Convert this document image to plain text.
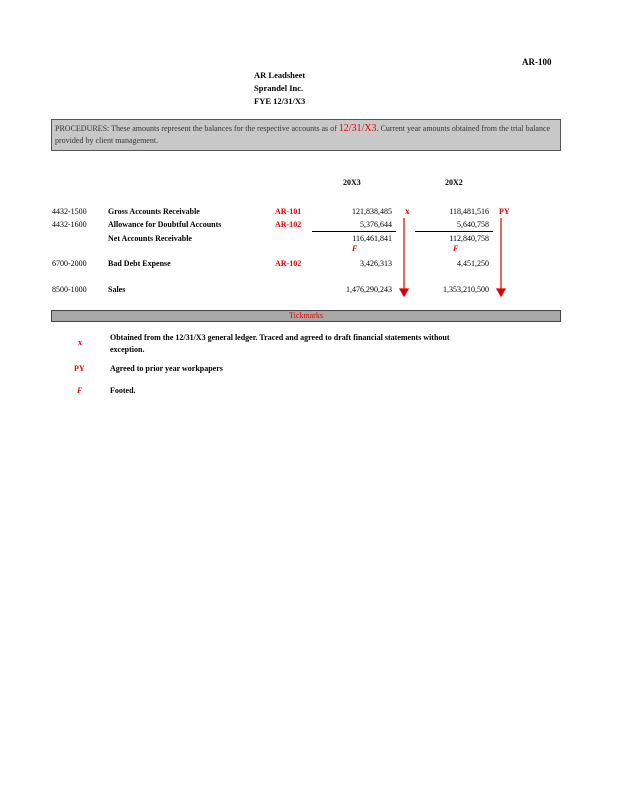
AR-100
AR Leadsheet
Sprandel Inc.
FYE 12/31/X3
PROCEDURES: These amounts represent the balances for the respective accounts as of 12/31/X3. Current year amounts obtained from the trial balance provided by client management.
20X3	20X2
4432-1500	Gross Accounts Receivable	AR-101	121,838,485 x	118,481,516 PY
4432-1600	Allowance for Doubtful Accounts	AR-102	5,376,644	5,640,758
Net Accounts Receivable	116,461,841	112,840,758
F	F
6700-2000	Bad Debt Expense	AR-102	3,426,313	4,451,250
8500-1000	Sales	1,476,290,243	1,353,210,500
Tickmarks
x
Obtained from the 12/31/X3 general ledger. Traced and agreed to draft financial statements without
exception.
PY	Agreed to prior year workpapers
F	Footed.
